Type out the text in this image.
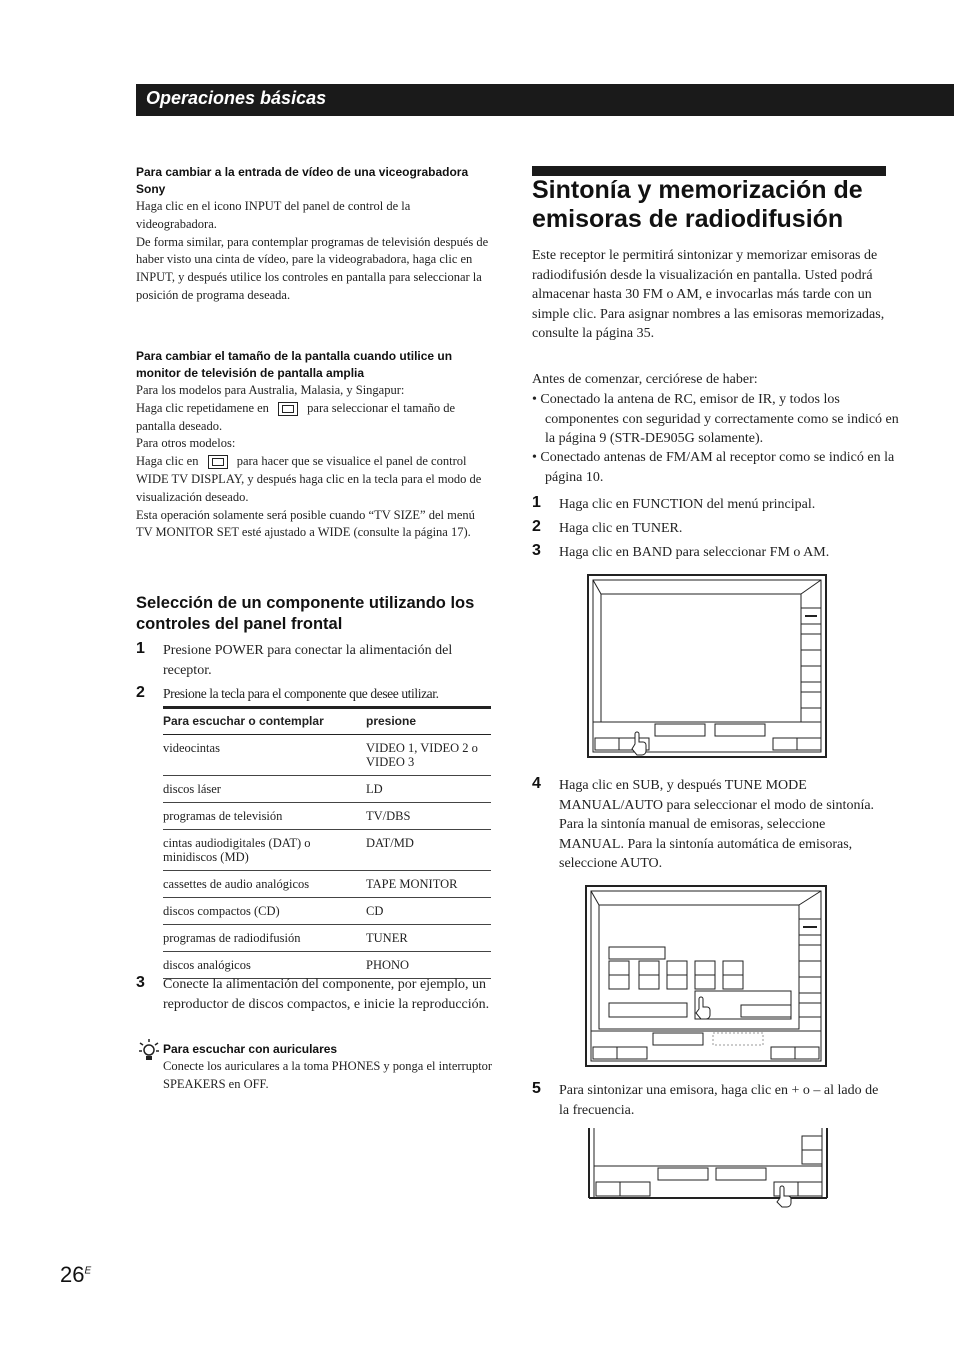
Operaciones básicas
Para cambiar a la entrada de vídeo de una viceograbadora Sony
Haga clic en el icono INPUT del panel de control de la videograbadora.
De forma similar, para contemplar programas de televisión después de haber visto una cinta de vídeo, pare la videograbadora, haga clic en INPUT, y después utilice los controles en pantalla para seleccionar la posición de programa deseada.
Para cambiar el tamaño de la pantalla cuando utilice un monitor de televisión de pantalla amplia
Para los modelos para Australia, Malasia, y Singapur:
Haga clic repetidamene en	para seleccionar el tamaño de pantalla deseado.
Para otros modelos:
Haga clic en	para hacer que se visualice el panel de control WIDE TV DISPLAY, y después haga clic en la tecla para el modo de visualización deseado.
Esta operación solamente será posible cuando “TV SIZE” del menú TV MONITOR SET esté ajustado a WIDE (consulte la página 17).
Selección de un componente utilizando los controles del panel frontal
1 Presione POWER para conectar la alimentación del receptor.
2 Presione la tecla para el componente que desee utilizar.
Para escuchar o contemplar	presione
videocintas	VIDEO 1, VIDEO 2 o VIDEO 3
discos láser	LD
programas de televisión	TV/DBS
cintas audiodigitales (DAT) o minidiscos (MD)	DAT/MD
cassettes de audio analógicos	TAPE MONITOR
discos compactos (CD)	CD
programas de radiodifusión	TUNER
discos analógicos	PHONO
3 Conecte la alimentación del componente, por ejemplo, un reproductor de discos compactos, e inicie la reproducción.
Para escuchar con auriculares
Conecte los auriculares a la toma PHONES y ponga el interruptor SPEAKERS en OFF.
Sintonía y memorización de emisoras de radiodifusión
Este receptor le permitirá sintonizar y memorizar emisoras de radiodifusión desde la visualización en pantalla. Usted podrá almacenar hasta 30 FM o AM, e invocarlas más tarde con un simple clic. Para asignar nombres a las emisoras memorizadas, consulte la página 35.
Antes de comenzar, cerciórese de haber:
• Conectado la antena de RC, emisor de IR, y todos los componentes con seguridad y correctamente como se indicó en la página 9 (STR-DE905G solamente).
• Conectado antenas de FM/AM al receptor como se indicó en la página 10.
1 Haga clic en FUNCTION del menú principal.
2 Haga clic en TUNER.
3 Haga clic en BAND para seleccionar FM o AM.
4 Haga clic en SUB, y después TUNE MODE MANUAL/AUTO para seleccionar el modo de sintonía. Para la sintonía manual de emisoras, seleccione MANUAL. Para la sintonía automática de emisoras, seleccione AUTO.
5 Para sintonizar una emisora, haga clic en + o – al lado de la frecuencia.
$26^E$
